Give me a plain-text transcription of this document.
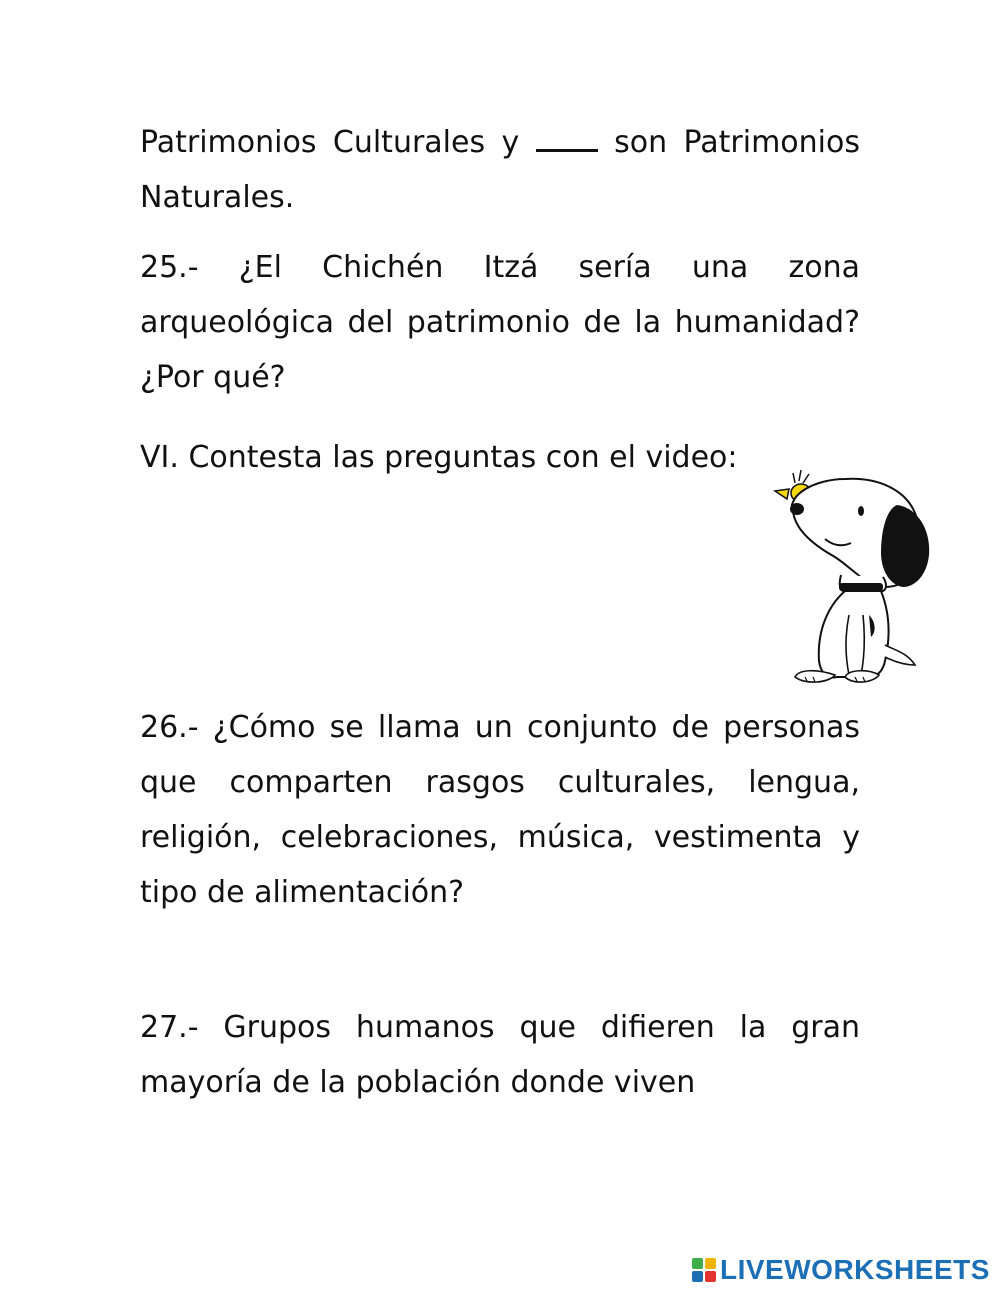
Patrimonios Culturales y	son Patrimonios Naturales.

25.- ¿El Chichén Itzá sería una zona arqueológica del patrimonio de la humanidad? ¿Por qué?

VI. Contesta las preguntas con el video:

26.- ¿Cómo se llama un conjunto de personas que comparten rasgos culturales, lengua, religión, celebraciones, música, vestimenta y tipo de alimentación?

27.- Grupos humanos que difieren la gran mayoría de la población donde viven

LIVEWORKSHEETS
